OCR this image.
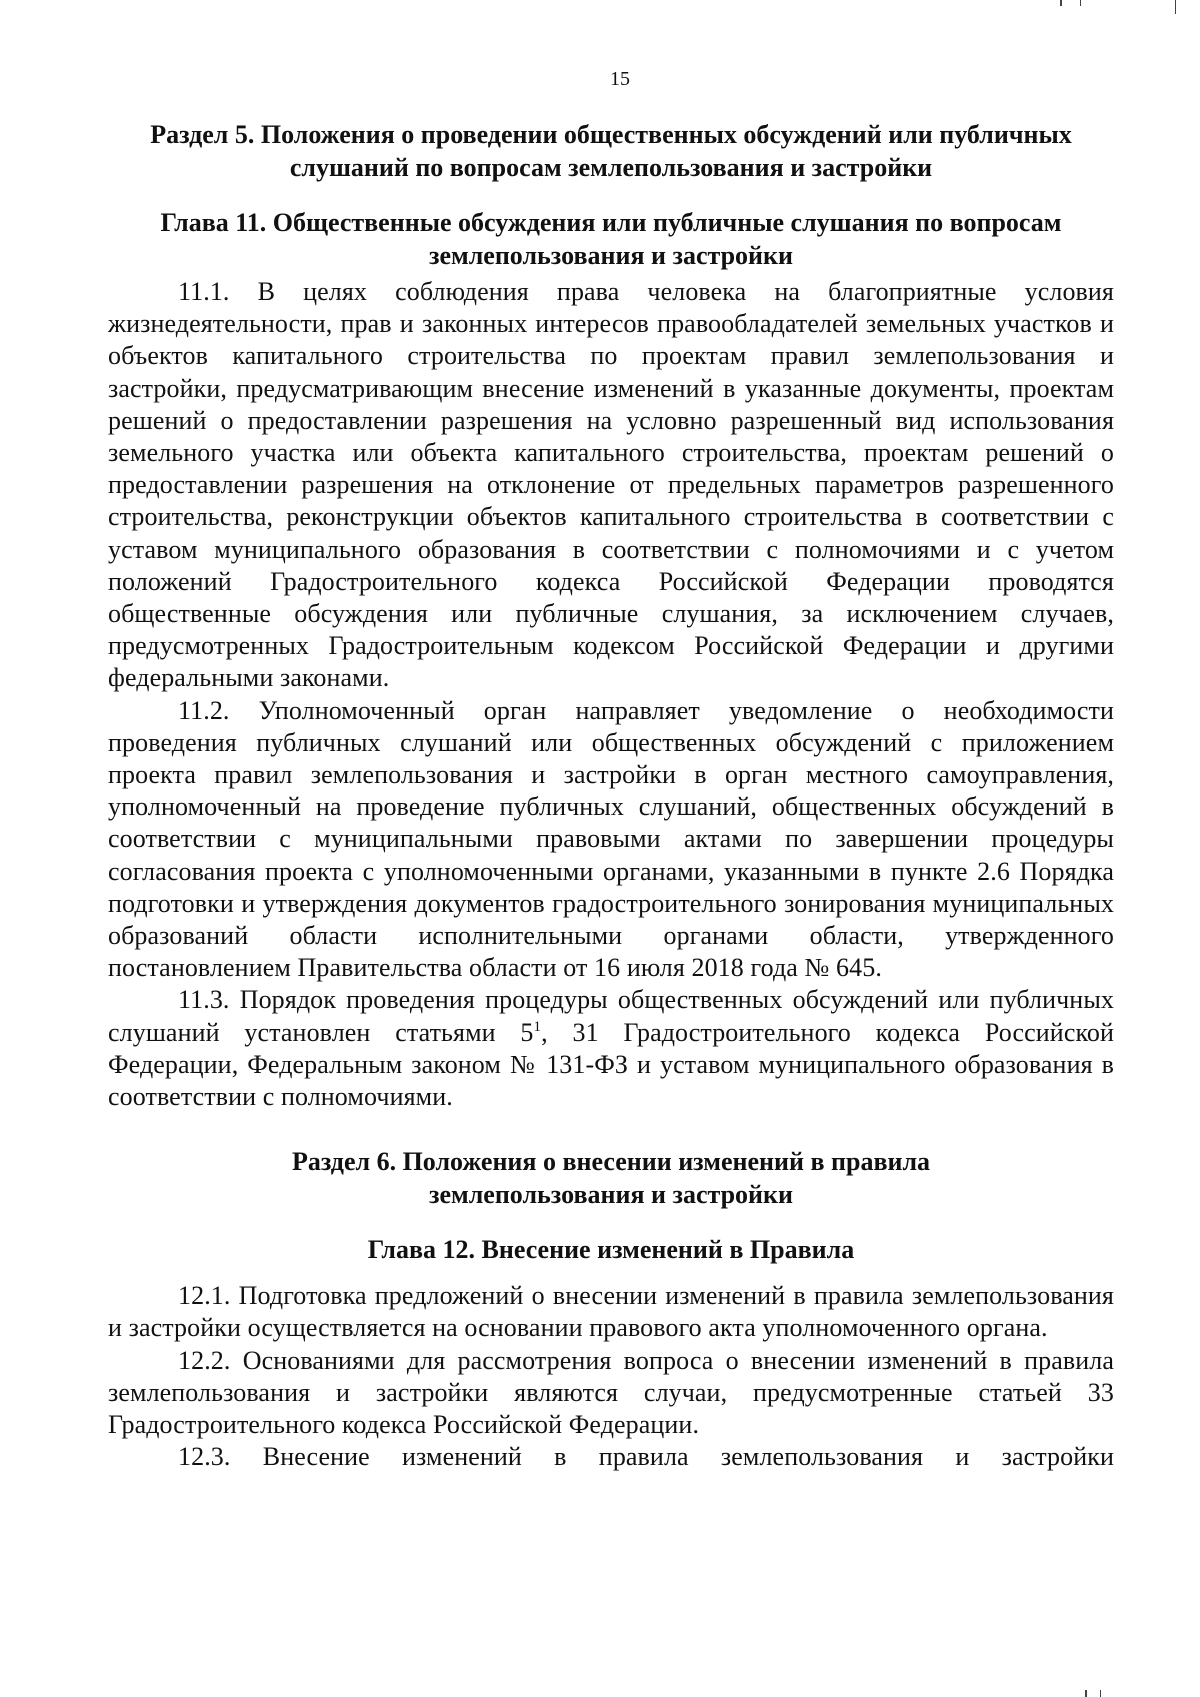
15
Раздел 5. Положения о проведении общественных обсуждений или публичных слушаний по вопросам землепользования и застройки
Глава 11. Общественные обсуждения или публичные слушания по вопросам землепользования и застройки

11.1. В целях соблюдения права человека на благоприятные условия жизнедеятельности, прав и законных интересов правообладателей земельных участков и объектов капитального строительства по проектам правил землепользования и застройки, предусматривающим внесение изменений в указанные документы, проектам решений о предоставлении разрешения на условно разрешенный вид использования земельного участка или объекта капитального строительства, проектам решений о предоставлении разрешения на отклонение от предельных параметров разрешенного строительства, реконструкции объектов капитального строительства в соответствии с уставом муниципального образования в соответствии с полномочиями и с учетом положений Градостроительного кодекса Российской Федерации проводятся общественные обсуждения или публичные слушания, за исключением случаев, предусмотренных Градостроительным кодексом Российской Федерации и другими федеральными законами.

11.2. Уполномоченный орган направляет уведомление о необходимости проведения публичных слушаний или общественных обсуждений с приложением проекта правил землепользования и застройки в орган местного самоуправления, уполномоченный на проведение публичных слушаний, общественных обсуждений в соответствии с муниципальными правовыми актами по завершении процедуры согласования проекта с уполномоченными органами, указанными в пункте 2.6 Порядка подготовки и утверждения документов градостроительного зонирования муниципальных образований области исполнительными органами области, утвержденного постановлением Правительства области от 16 июля 2018 года № 645.

11.3. Порядок проведения процедуры общественных обсуждений или публичных слушаний установлен статьями $5^1$, 31 Градостроительного кодекса Российской Федерации, Федеральным законом № 131-ФЗ и уставом муниципального образования в соответствии с полномочиями.

Раздел 6. Положения о внесении изменений в правила землепользования и застройки
Глава 12. Внесение изменений в Правила

12.1. Подготовка предложений о внесении изменений в правила землепользования и застройки осуществляется на основании правового акта уполномоченного органа.

12.2. Основаниями для рассмотрения вопроса о внесении изменений в правила землепользования и застройки являются случаи, предусмотренные статьей 33 Градостроительного кодекса Российской Федерации.

12.3. Внесение изменений в правила землепользования и застройки
